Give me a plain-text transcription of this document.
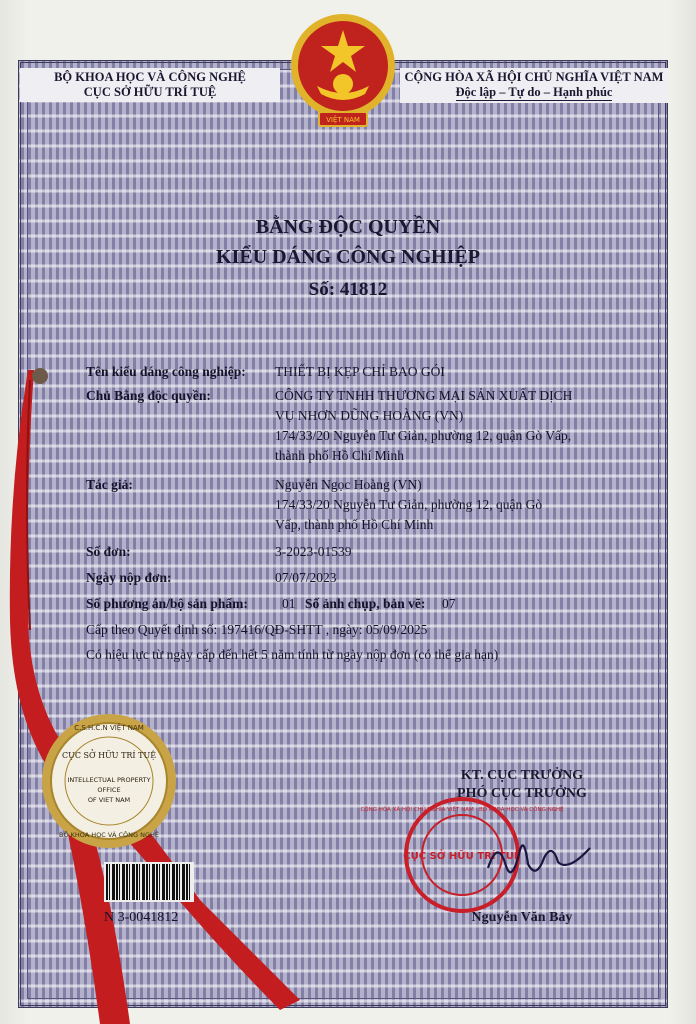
BỘ KHOA HỌC VÀ CÔNG NGHỆ
CỤC SỞ HỮU TRÍ TUỆ
CỘNG HÒA XÃ HỘI CHỦ NGHĨA VIỆT NAM
Độc lập – Tự do – Hạnh phúc
VIỆT NAM
BẰNG ĐỘC QUYỀN
KIỂU DÁNG CÔNG NGHIỆP
Số: 41812
Tên kiểu dáng công nghiệp: THIẾT BỊ KẸP CHỈ BAO GÓI
Chủ Bằng độc quyền:	CÔNG TY TNHH THƯƠNG MẠI SẢN XUẤT DỊCH
VỤ NHƠN DŨNG HOÀNG (VN)
174/33/20 Nguyễn Tư Giản, phường 12, quận Gò Vấp,
thành phố Hồ Chí Minh
Tác giả:	Nguyễn Ngọc Hoàng (VN)
174/33/20 Nguyễn Tư Giản, phường 12, quận Gò
Vấp, thành phố Hồ Chí Minh
Số đơn:	3-2023-01539
Ngày nộp đơn:	07/07/2023
Số phương án/bộ sản phẩm:	01 Số ảnh chụp, bản vẽ: 07
Cấp theo Quyết định số: 197416/QĐ-SHTT , ngày: 05/09/2025
Có hiệu lực từ ngày cấp đến hết 5 năm tính từ ngày nộp đơn (có thể gia hạn)
C.S.H.C.N VIỆT NAM
CỤC SỞ HỮU TRÍ TUỆ
INTELLECTUAL PROPERTY
OFFICE
OF VIET NAM
BỘ KHOA HỌC VÀ CÔNG NGHỆ
N 3-0041812
KT. CỤC TRƯỞNG
PHÓ CỤC TRƯỞNG
CỘNG HÒA XÃ HỘI CHỦ NGHĨA VIỆT NAM · BỘ KHOA HỌC VÀ CÔNG NGHỆ
CỤC SỞ HỮU TRÍ TUỆ
Nguyễn Văn Bảy
